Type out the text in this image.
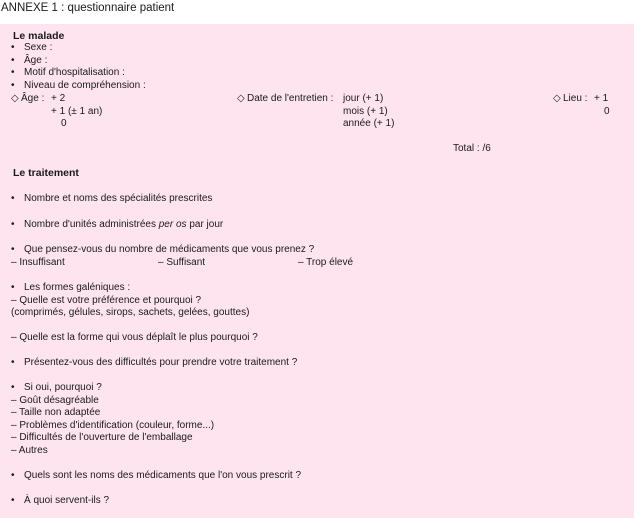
ANNEXE 1 : questionnaire patient
Le malade
• Sexe :
• Âge :
• Motif d'hospitalisation :
• Niveau de compréhension :
◇ Âge : + 2
+ 1 (± 1 an)
0
◇ Date de l'entretien : jour (+ 1)
mois (+ 1)
année (+ 1)
◇ Lieu : + 1
0
Total : /6
Le traitement
• Nombre et noms des spécialités prescrites
• Nombre d'unités administrées per os par jour
• Que pensez-vous du nombre de médicaments que vous prenez ?
– Insuffisant	– Suffisant	– Trop élevé
• Les formes galéniques :
– Quelle est votre préférence et pourquoi ?
(comprimés, gélules, sirops, sachets, gelées, gouttes)
– Quelle est la forme qui vous déplaît le plus pourquoi ?
• Présentez-vous des difficultés pour prendre votre traitement ?
• Si oui, pourquoi ?
– Goût désagréable
– Taille non adaptée
– Problèmes d'identification (couleur, forme...)
– Difficultés de l'ouverture de l'emballage
– Autres
• Quels sont les noms des médicaments que l'on vous prescrit ?
• À quoi servent-ils ?
